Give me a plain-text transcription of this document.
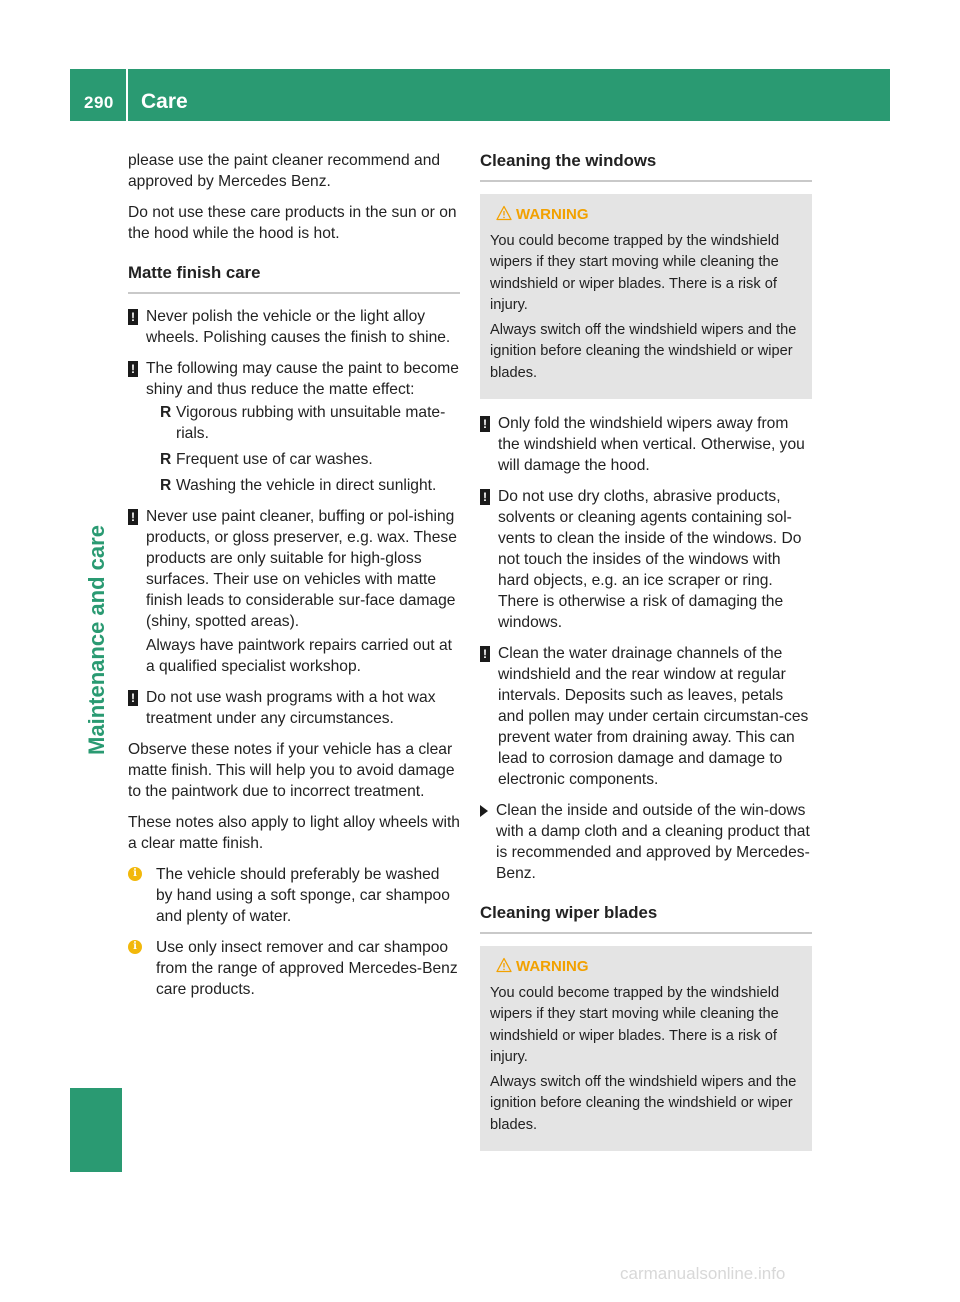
290 Care
Maintenance and care

please use the paint cleaner recommend and approved by Mercedes Benz.

Do not use these care products in the sun or on the hood while the hood is hot.

Matte finish care
! Never polish the vehicle or the light alloy wheels. Polishing causes the finish to shine.
! The following may cause the paint to become shiny and thus reduce the matte effect:
R Vigorous rubbing with unsuitable mate-rials.
R Frequent use of car washes.
R Washing the vehicle in direct sunlight.
! Never use paint cleaner, buffing or pol-ishing products, or gloss preserver, e.g. wax. These products are only suitable for high-gloss surfaces. Their use on vehicles with matte finish leads to considerable sur-face damage (shiny, spotted areas).
Always have paintwork repairs carried out at a qualified specialist workshop.
! Do not use wash programs with a hot wax treatment under any circumstances.

Observe these notes if your vehicle has a clear matte finish. This will help you to avoid damage to the paintwork due to incorrect treatment.

These notes also apply to light alloy wheels with a clear matte finish.

i	The vehicle should preferably be washed by hand using a soft sponge, car shampoo and plenty of water.
i	Use only insect remover and car shampoo from the range of approved Mercedes-Benz care products.
Cleaning the windows
WARNING
You could become trapped by the windshield wipers if they start moving while cleaning the windshield or wiper blades. There is a risk of injury.
Always switch off the windshield wipers and the ignition before cleaning the windshield or wiper blades.
! Only fold the windshield wipers away from the windshield when vertical. Otherwise, you will damage the hood.
! Do not use dry cloths, abrasive products, solvents or cleaning agents containing sol-vents to clean the inside of the windows. Do not touch the insides of the windows with hard objects, e.g. an ice scraper or ring. There is otherwise a risk of damaging the windows.
! Clean the water drainage channels of the windshield and the rear window at regular intervals. Deposits such as leaves, petals and pollen may under certain circumstan-ces prevent water from draining away. This can lead to corrosion damage and damage to electronic components.
Clean the inside and outside of the win-dows with a damp cloth and a cleaning product that is recommended and approved by Mercedes-Benz.
Cleaning wiper blades
WARNING
You could become trapped by the windshield wipers if they start moving while cleaning the windshield or wiper blades. There is a risk of injury.
Always switch off the windshield wipers and the ignition before cleaning the windshield or wiper blades.
carmanualsonline.info
